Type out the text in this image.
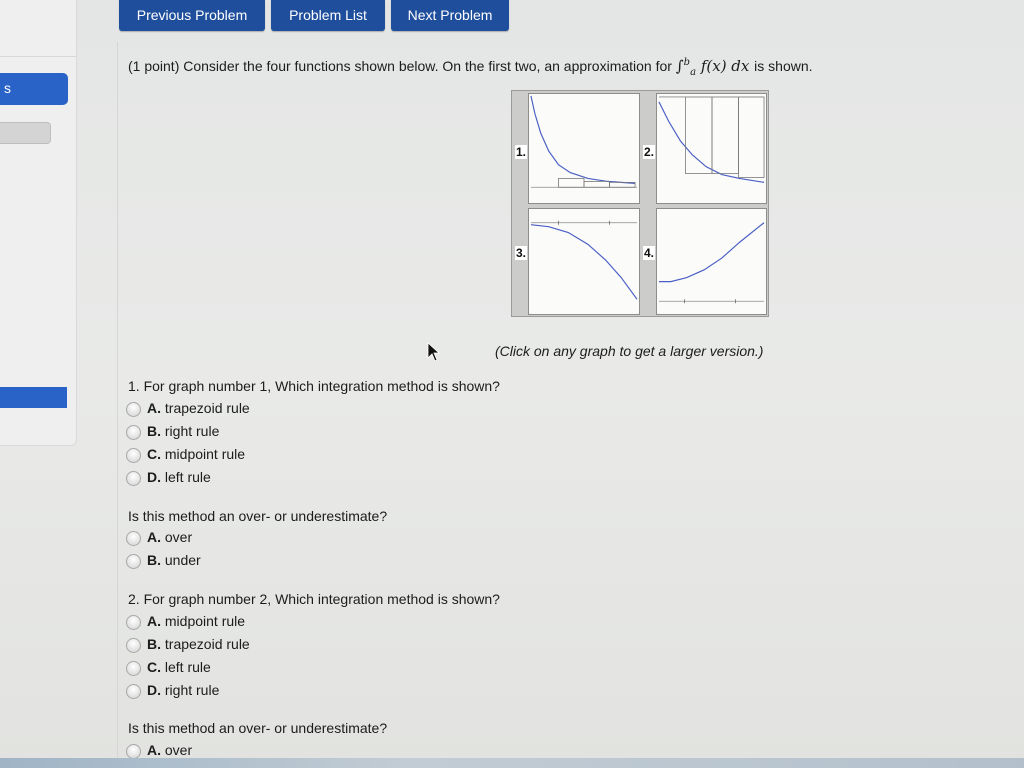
s
Previous Problem	Problem List	Next Problem
(1 point) Consider the four functions shown below. On the first two, an approximation for ∫$^b_a$ f(x) dx is shown.
1.	2.
3.	4.
(Click on any graph to get a larger version.)
1. For graph number 1, Which integration method is shown?
A. trapezoid rule
B. right rule
C. midpoint rule
D. left rule
Is this method an over- or underestimate?
A. over
B. under
2. For graph number 2, Which integration method is shown?
A. midpoint rule
B. trapezoid rule
C. left rule
D. right rule
Is this method an over- or underestimate?
A. over
